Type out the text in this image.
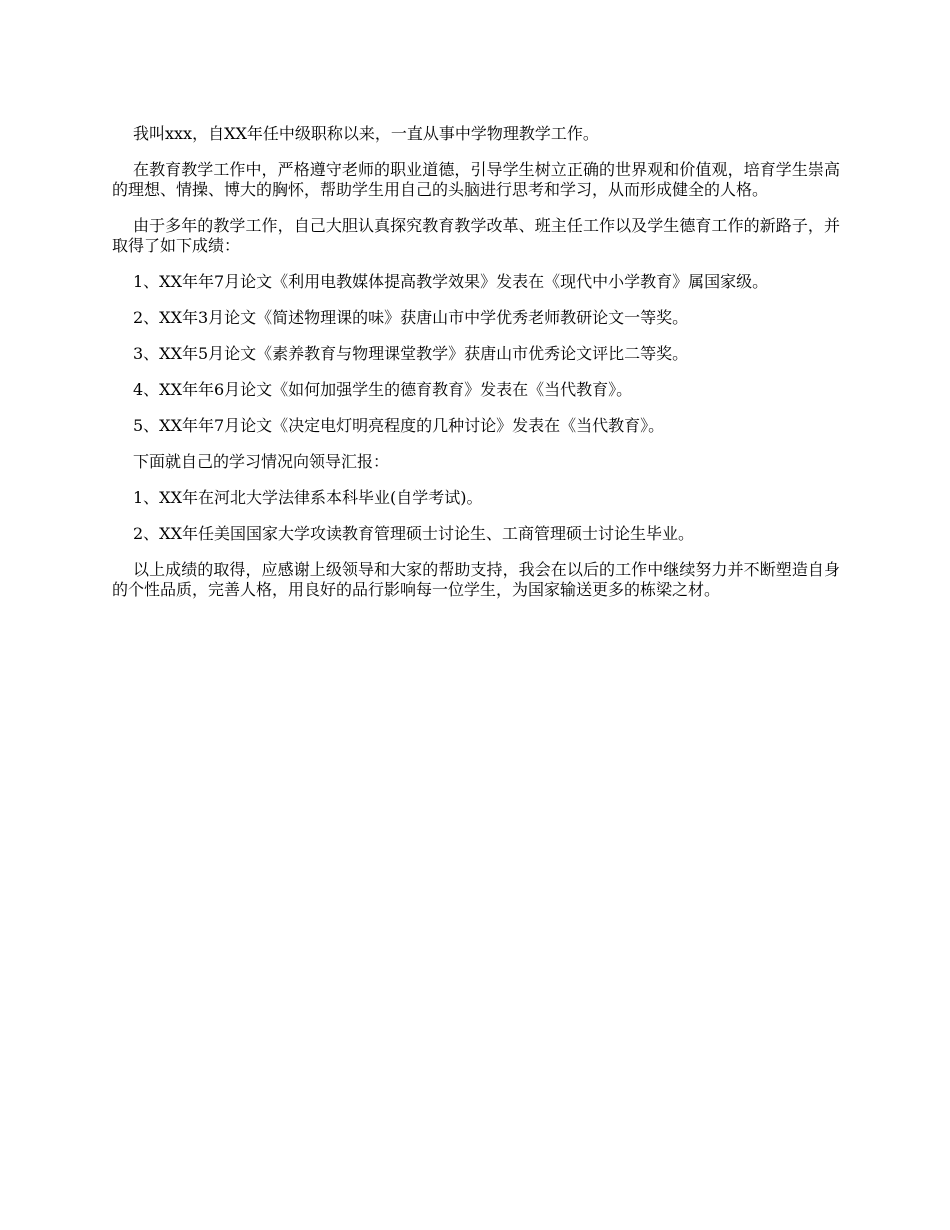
我叫xxx，自XX年任中级职称以来，一直从事中学物理教学工作。

在教育教学工作中，严格遵守老师的职业道德，引导学生树立正确的世界观和价值观，培育学生崇高的理想、情操、博大的胸怀，帮助学生用自己的头脑进行思考和学习，从而形成健全的人格。

由于多年的教学工作，自己大胆认真探究教育教学改革、班主任工作以及学生德育工作的新路子，并取得了如下成绩：

1、XX年年7月论文《利用电教媒体提高教学效果》发表在《现代中小学教育》属国家级。

2、XX年3月论文《简述物理课的味》获唐山市中学优秀老师教研论文一等奖。

3、XX年5月论文《素养教育与物理课堂教学》获唐山市优秀论文评比二等奖。

4、XX年年6月论文《如何加强学生的德育教育》发表在《当代教育》。

5、XX年年7月论文《决定电灯明亮程度的几种讨论》发表在《当代教育》。

下面就自己的学习情况向领导汇报：

1、XX年在河北大学法律系本科毕业(自学考试)。

2、XX年任美国国家大学攻读教育管理硕士讨论生、工商管理硕士讨论生毕业。

以上成绩的取得，应感谢上级领导和大家的帮助支持，我会在以后的工作中继续努力并不断塑造自身的个性品质，完善人格，用良好的品行影响每一位学生，为国家输送更多的栋梁之材。
